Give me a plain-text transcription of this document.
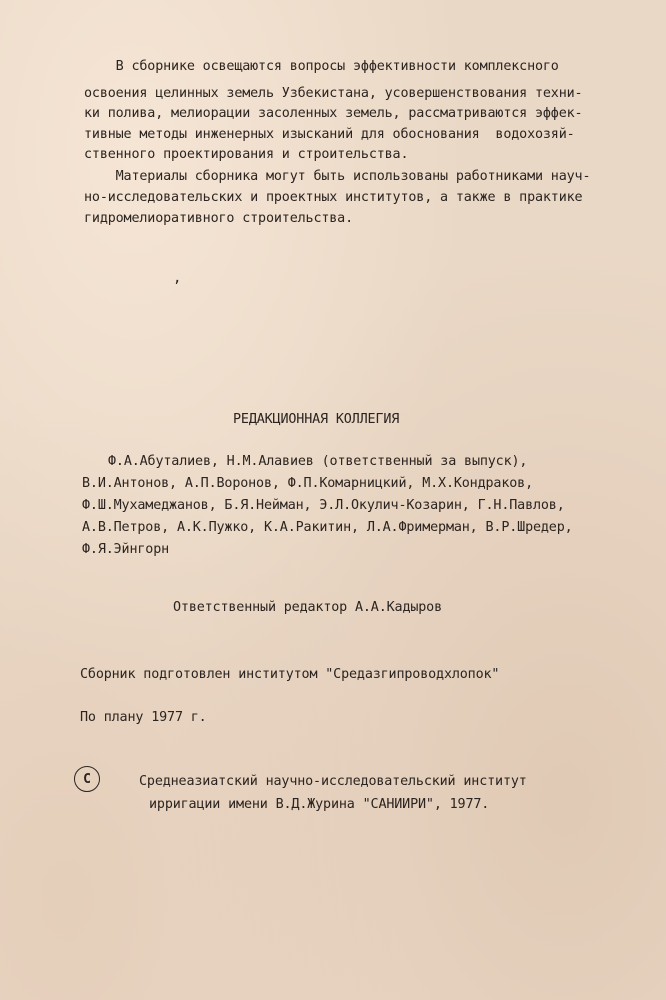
В сборнике освещаются вопросы эффективности комплексного
освоения целинных земель Узбекистана, усовершенствования техни-
ки полива, мелиорации засоленных земель, рассматриваются эффек-
тивные методы инженерных изысканий для обоснования  водохозяй-
ственного проектирования и строительства.
Материалы сборника могут быть использованы работниками науч-
но-исследовательских и проектных институтов, а также в практике
гидромелиоративного строительства.
,
РЕДАКЦИОННАЯ КОЛЛЕГИЯ
Ф.А.Абуталиев, Н.М.Алавиев (ответственный за выпуск),
В.И.Антонов, А.П.Воронов, Ф.П.Комарницкий, М.Х.Кондраков,
Ф.Ш.Мухамеджанов, Б.Я.Нейман, Э.Л.Окулич-Козарин, Г.Н.Павлов,
А.В.Петров, А.К.Пужко, К.А.Ракитин, Л.А.Фримерман, В.Р.Шредер,
Ф.Я.Эйнгорн
Ответственный редактор А.А.Кадыров
Сборник подготовлен институтом "Средазгипроводхлопок"
По плану 1977 г.
С	Среднеазиатский научно-исследовательский институт
ирригации имени В.Д.Журина "САНИИРИ", 1977.
